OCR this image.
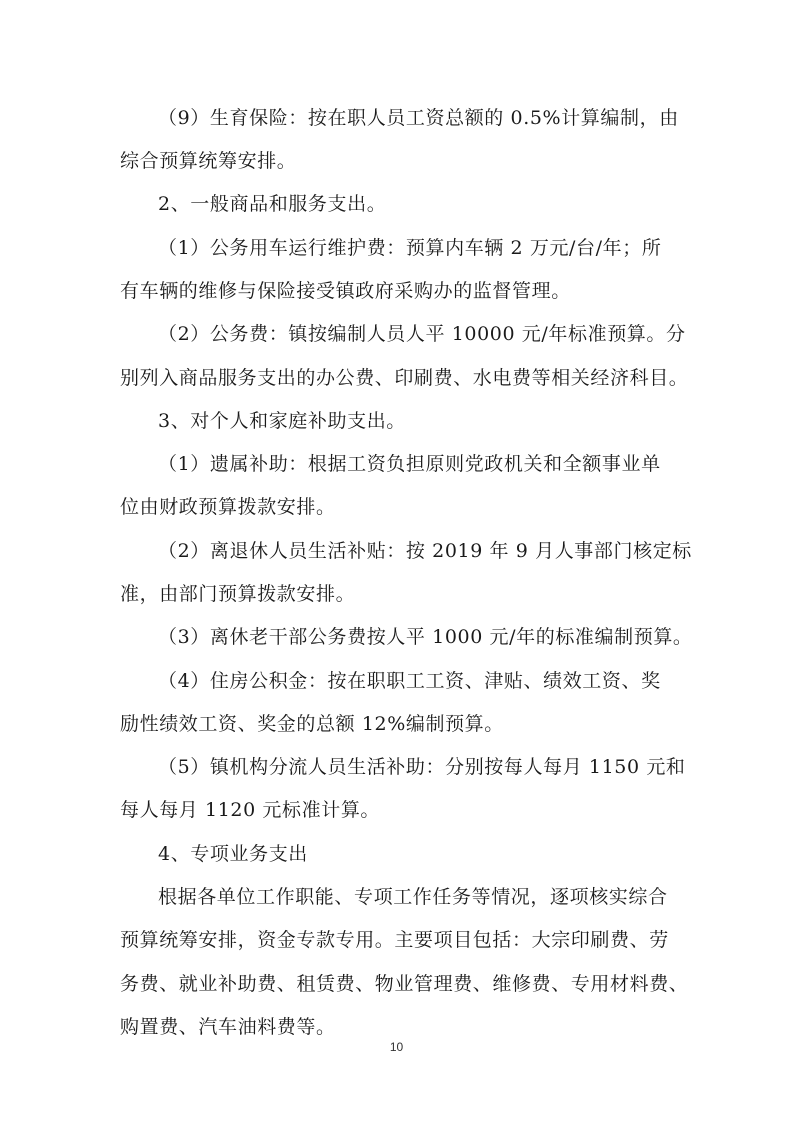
（9）生育保险：按在职人员工资总额的 0.5%计算编制，由
综合预算统筹安排。
2、一般商品和服务支出。
（1）公务用车运行维护费：预算内车辆 2 万元/台/年；所
有车辆的维修与保险接受镇政府采购办的监督管理。
（2）公务费：镇按编制人员人平 10000 元/年标准预算。分
别列入商品服务支出的办公费、印刷费、水电费等相关经济科目。
3、对个人和家庭补助支出。
（1）遗属补助：根据工资负担原则党政机关和全额事业单
位由财政预算拨款安排。
（2）离退休人员生活补贴：按 2019 年 9 月人事部门核定标
准，由部门预算拨款安排。
（3）离休老干部公务费按人平 1000 元/年的标准编制预算。
（4）住房公积金：按在职职工工资、津贴、绩效工资、奖
励性绩效工资、奖金的总额 12%编制预算。
（5）镇机构分流人员生活补助：分别按每人每月 1150 元和
每人每月 1120 元标准计算。
4、专项业务支出
根据各单位工作职能、专项工作任务等情况，逐项核实综合
预算统筹安排，资金专款专用。主要项目包括：大宗印刷费、劳
务费、就业补助费、租赁费、物业管理费、维修费、专用材料费、
购置费、汽车油料费等。
10
